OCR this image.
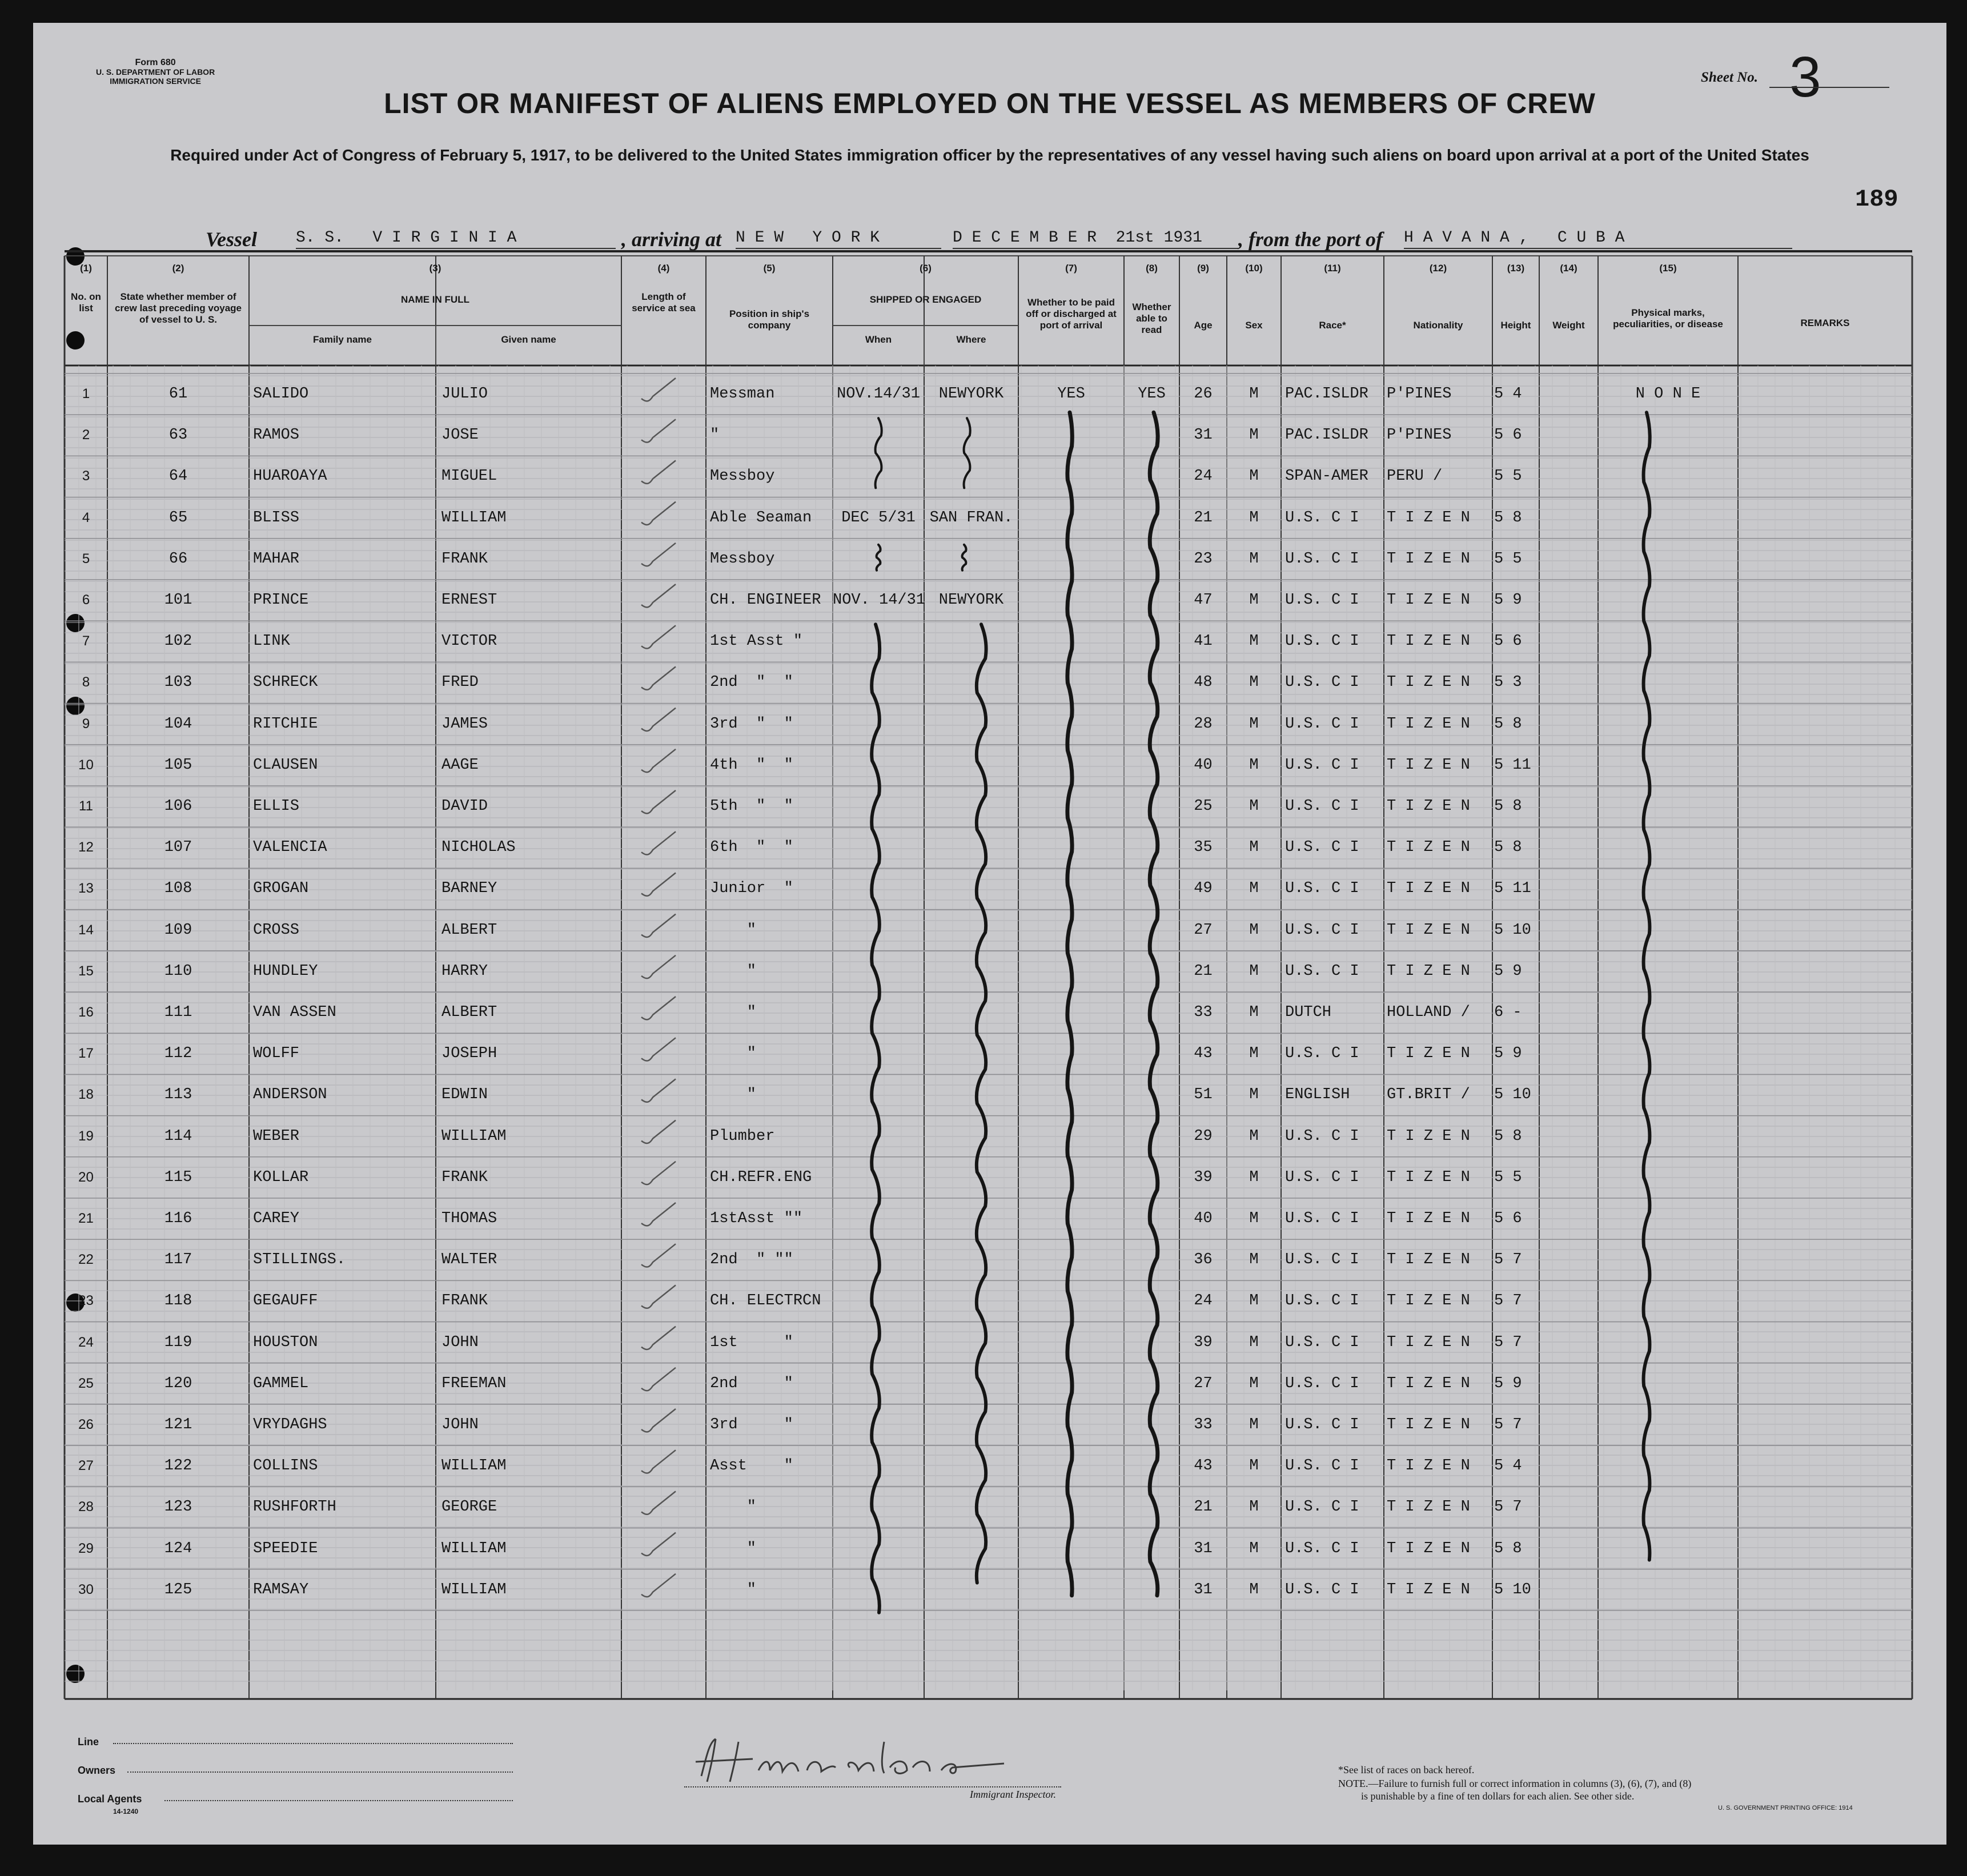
Form 680
U. S. DEPARTMENT OF LABOR
IMMIGRATION SERVICE	Sheet No. 3
LIST OR MANIFEST OF ALIENS EMPLOYED ON THE VESSEL AS MEMBERS OF CREW
Required under Act of Congress of February 5, 1917, to be delivered to the United States immigration officer by the representatives of any vessel having such aliens on board upon arrival at a port of the United States
189
Vessel S. S.   V I R G I N I A	, arriving at N E W   Y O R K	D E C E M B E R  21st 1931	, from the port of H A V A N A ,   C U B A
(1)
No. on list
(2)
State whether member of crew last preceding voyage of vessel to U. S.
(3)
NAME IN FULL
Family name	Given name
(4)
Length of service at sea
(5)
Position in ship's company
(6)
SHIPPED OR ENGAGED
When	Where
(7)
Whether to be paid off or discharged at port of arrival
(8)
Whether able to read
(9)
Age
(10)
Sex
(11)
Race*
(12)
Nationality
(13)
Height
(14)
Weight
(15)
Physical marks, peculiarities, or disease	REMARKS
1	61	SALIDO	JULIO	Messman	NOV.14/31	NEWYORK	YES	YES	26	M	PAC.ISLDR	P'PINES	5 4	N O N E
2	63	RAMOS	JOSE	"	31	M	PAC.ISLDR	P'PINES	5 6
3	64	HUAROAYA	MIGUEL	Messboy	24	M	SPAN-AMER	PERU /	5 5
4	65	BLISS	WILLIAM	Able Seaman	DEC 5/31 SAN FRAN.	21	M	U.S. C I	T I Z E N	5 8
5	66	MAHAR	FRANK	Messboy	23	M	U.S. C I	T I Z E N	5 5
6	101	PRINCE	ERNEST	CH. ENGINEER NOV. 14/31 NEWYORK	47	M	U.S. C I	T I Z E N	5 9
7	102	LINK	VICTOR	1st Asst "	41	M	U.S. C I	T I Z E N	5 6
8	103	SCHRECK	FRED	2nd  "  "	48	M	U.S. C I	T I Z E N	5 3
9	104	RITCHIE	JAMES	3rd  "  "	28	M	U.S. C I	T I Z E N	5 8
10	105	CLAUSEN	AAGE	4th  "  "	40	M	U.S. C I	T I Z E N	5 11
11	106	ELLIS	DAVID	5th  "  "	25	M	U.S. C I	T I Z E N	5 8
12	107	VALENCIA	NICHOLAS	6th  "  "	35	M	U.S. C I	T I Z E N	5 8
13	108	GROGAN	BARNEY	Junior  "	49	M	U.S. C I	T I Z E N	5 11
14	109	CROSS	ALBERT	"	27	M	U.S. C I	T I Z E N	5 10
15	110	HUNDLEY	HARRY	"	21	M	U.S. C I	T I Z E N	5 9
16	111	VAN ASSEN	ALBERT	"	33	M	DUTCH	HOLLAND /	6 -
17	112	WOLFF	JOSEPH	"	43	M	U.S. C I	T I Z E N	5 9
18	113	ANDERSON	EDWIN	"	51	M	ENGLISH	GT.BRIT /	5 10
19	114	WEBER	WILLIAM	Plumber	29	M	U.S. C I	T I Z E N	5 8
20	115	KOLLAR	FRANK	CH.REFR.ENG	39	M	U.S. C I	T I Z E N	5 5
21	116	CAREY	THOMAS	1stAsst ""	40	M	U.S. C I	T I Z E N	5 6
22	117	STILLINGS.	WALTER	2nd  " ""	36	M	U.S. C I	T I Z E N	5 7
23	118	GEGAUFF	FRANK	CH. ELECTRCN	24	M	U.S. C I	T I Z E N	5 7
24	119	HOUSTON	JOHN	1st     "	39	M	U.S. C I	T I Z E N	5 7
25	120	GAMMEL	FREEMAN	2nd     "	27	M	U.S. C I	T I Z E N	5 9
26	121	VRYDAGHS	JOHN	3rd     "	33	M	U.S. C I	T I Z E N	5 7
27	122	COLLINS	WILLIAM	Asst    "	43	M	U.S. C I	T I Z E N	5 4
28	123	RUSHFORTH	GEORGE	"	21	M	U.S. C I	T I Z E N	5 7
29	124	SPEEDIE	WILLIAM	"	31	M	U.S. C I	T I Z E N	5 8
30	125	RAMSAY	WILLIAM	"	31	M	U.S. C I	T I Z E N	5 10
Line
Owners
Local Agents
14-1240
Immigrant Inspector.
*See list of races on back hereof.
NOTE.—Failure to furnish full or correct information in columns (3), (6), (7), and (8)
is punishable by a fine of ten dollars for each alien. See other side.
U. S. GOVERNMENT PRINTING OFFICE: 1914
